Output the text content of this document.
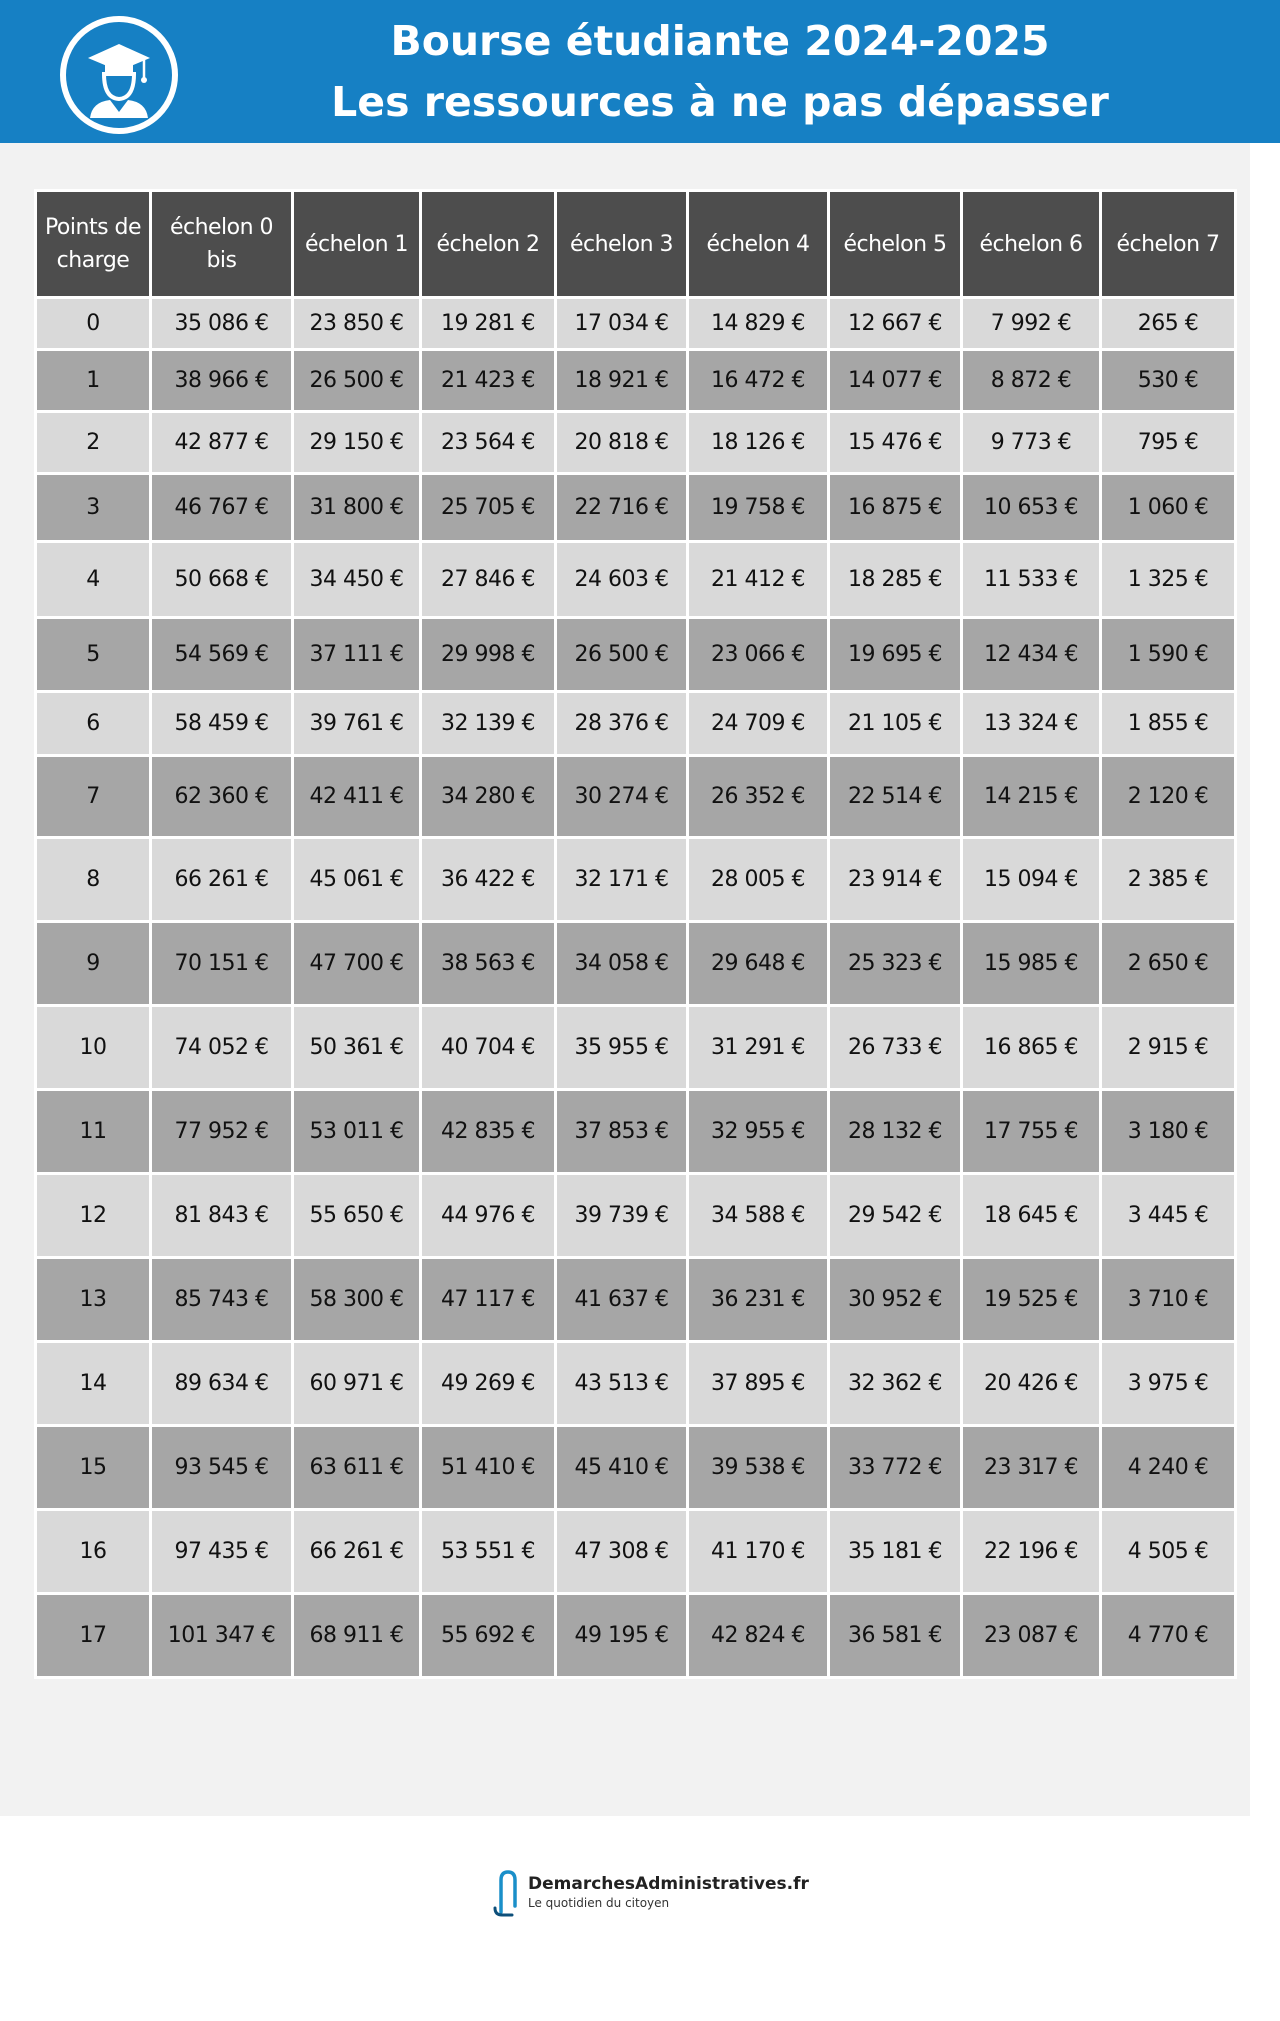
Bourse étudiante 2024-2025
Les ressources à ne pas dépasser
Points de charge	échelon 0 bis	échelon 1	échelon 2	échelon 3	échelon 4	échelon 5	échelon 6	échelon 7
0	35 086 €	23 850 €	19 281 €	17 034 €	14 829 €	12 667 €	7 992 €	265 €
1	38 966 €	26 500 €	21 423 €	18 921 €	16 472 €	14 077 €	8 872 €	530 €
2	42 877 €	29 150 €	23 564 €	20 818 €	18 126 €	15 476 €	9 773 €	795 €
3	46 767 €	31 800 €	25 705 €	22 716 €	19 758 €	16 875 €	10 653 €	1 060 €
4	50 668 €	34 450 €	27 846 €	24 603 €	21 412 €	18 285 €	11 533 €	1 325 €
5	54 569 €	37 111 €	29 998 €	26 500 €	23 066 €	19 695 €	12 434 €	1 590 €
6	58 459 €	39 761 €	32 139 €	28 376 €	24 709 €	21 105 €	13 324 €	1 855 €
7	62 360 €	42 411 €	34 280 €	30 274 €	26 352 €	22 514 €	14 215 €	2 120 €
8	66 261 €	45 061 €	36 422 €	32 171 €	28 005 €	23 914 €	15 094 €	2 385 €
9	70 151 €	47 700 €	38 563 €	34 058 €	29 648 €	25 323 €	15 985 €	2 650 €
10	74 052 €	50 361 €	40 704 €	35 955 €	31 291 €	26 733 €	16 865 €	2 915 €
11	77 952 €	53 011 €	42 835 €	37 853 €	32 955 €	28 132 €	17 755 €	3 180 €
12	81 843 €	55 650 €	44 976 €	39 739 €	34 588 €	29 542 €	18 645 €	3 445 €
13	85 743 €	58 300 €	47 117 €	41 637 €	36 231 €	30 952 €	19 525 €	3 710 €
14	89 634 €	60 971 €	49 269 €	43 513 €	37 895 €	32 362 €	20 426 €	3 975 €
15	93 545 €	63 611 €	51 410 €	45 410 €	39 538 €	33 772 €	23 317 €	4 240 €
16	97 435 €	66 261 €	53 551 €	47 308 €	41 170 €	35 181 €	22 196 €	4 505 €
17	101 347 €	68 911 €	55 692 €	49 195 €	42 824 €	36 581 €	23 087 €	4 770 €
DemarchesAdministratives.fr
Le quotidien du citoyen
